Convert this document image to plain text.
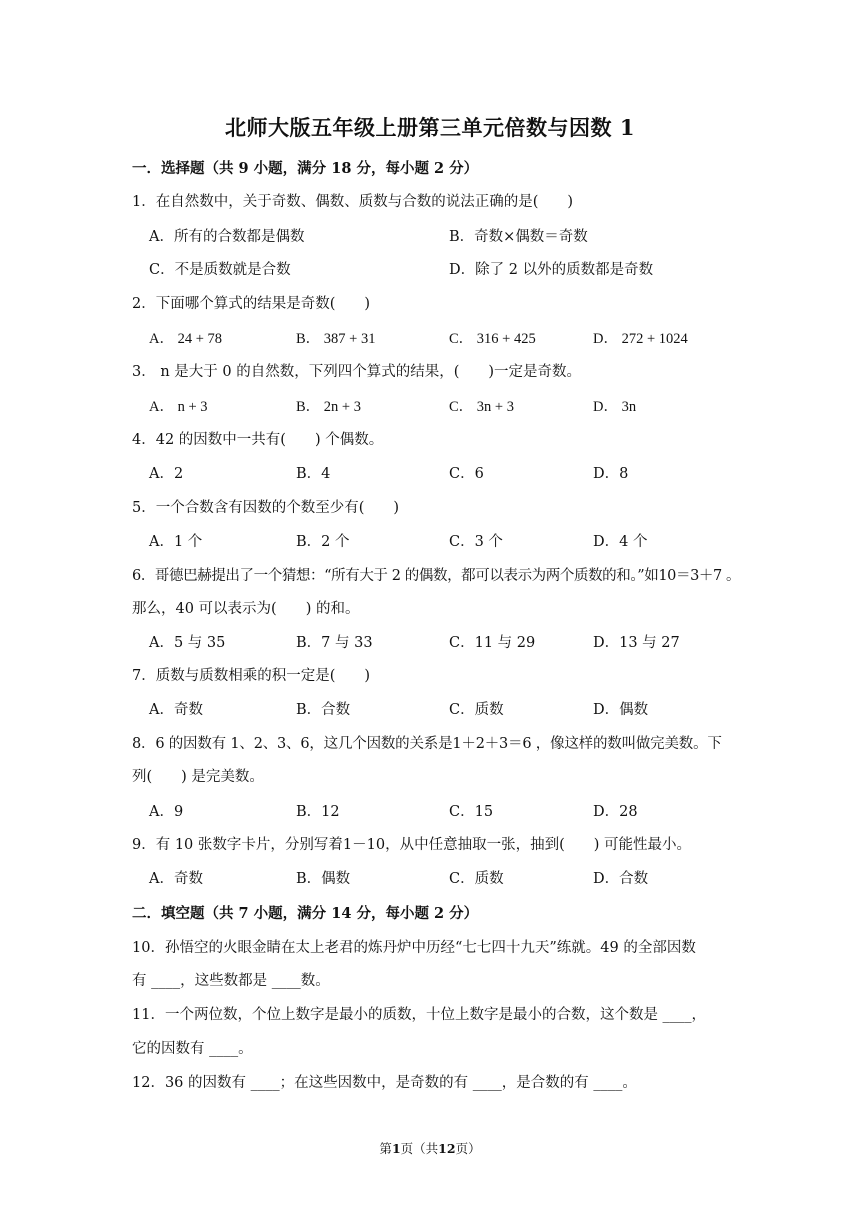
北师大版五年级上册第三单元倍数与因数 1
一．选择题（共 9 小题，满分 18 分，每小题 2 分）
1．在自然数中，关于奇数、偶数、质数与合数的说法正确的是(　　)
A．所有的合数都是偶数	B．奇数×偶数＝奇数
C．不是质数就是合数	D．除了 2 以外的质数都是奇数
2．下面哪个算式的结果是奇数(　　)
A． 24 + 78	B． 387 + 31	C． 316 + 425	D． 272 + 1024
3． n 是大于 0 的自然数，下列四个算式的结果，(　　)一定是奇数。
A． n + 3	B． 2n + 3	C． 3n + 3	D． 3n
4．42 的因数中一共有(　　) 个偶数。
A．2	B．4	C．6	D．8
5．一个合数含有因数的个数至少有(　　)
A．1 个	B．2 个	C．3 个	D．4 个
6．哥德巴赫提出了一个猜想：“所有大于 2 的偶数，都可以表示为两个质数的和。”如10＝3＋7 。
那么，40 可以表示为(　　) 的和。
A．5 与 35	B．7 与 33	C．11 与 29	D．13 与 27
7．质数与质数相乘的积一定是(　　)
A．奇数	B．合数	C．质数	D．偶数
8．6 的因数有 1、2、3、6，这几个因数的关系是1＋2＋3＝6 ，像这样的数叫做完美数。下
列(　　) 是完美数。
A．9	B．12	C．15	D．28
9．有 10 张数字卡片，分别写着1－10，从中任意抽取一张，抽到(　　) 可能性最小。
A．奇数	B．偶数	C．质数	D．合数
二．填空题（共 7 小题，满分 14 分，每小题 2 分）
10．孙悟空的火眼金睛在太上老君的炼丹炉中历经“七七四十九天”练就。49 的全部因数
有 ____，这些数都是 ____数。
11．一个两位数，个位上数字是最小的质数，十位上数字是最小的合数，这个数是 ____，
它的因数有 ____。
12．36 的因数有 ____；在这些因数中，是奇数的有 ____，是合数的有 ____。
第1页（共12页）
